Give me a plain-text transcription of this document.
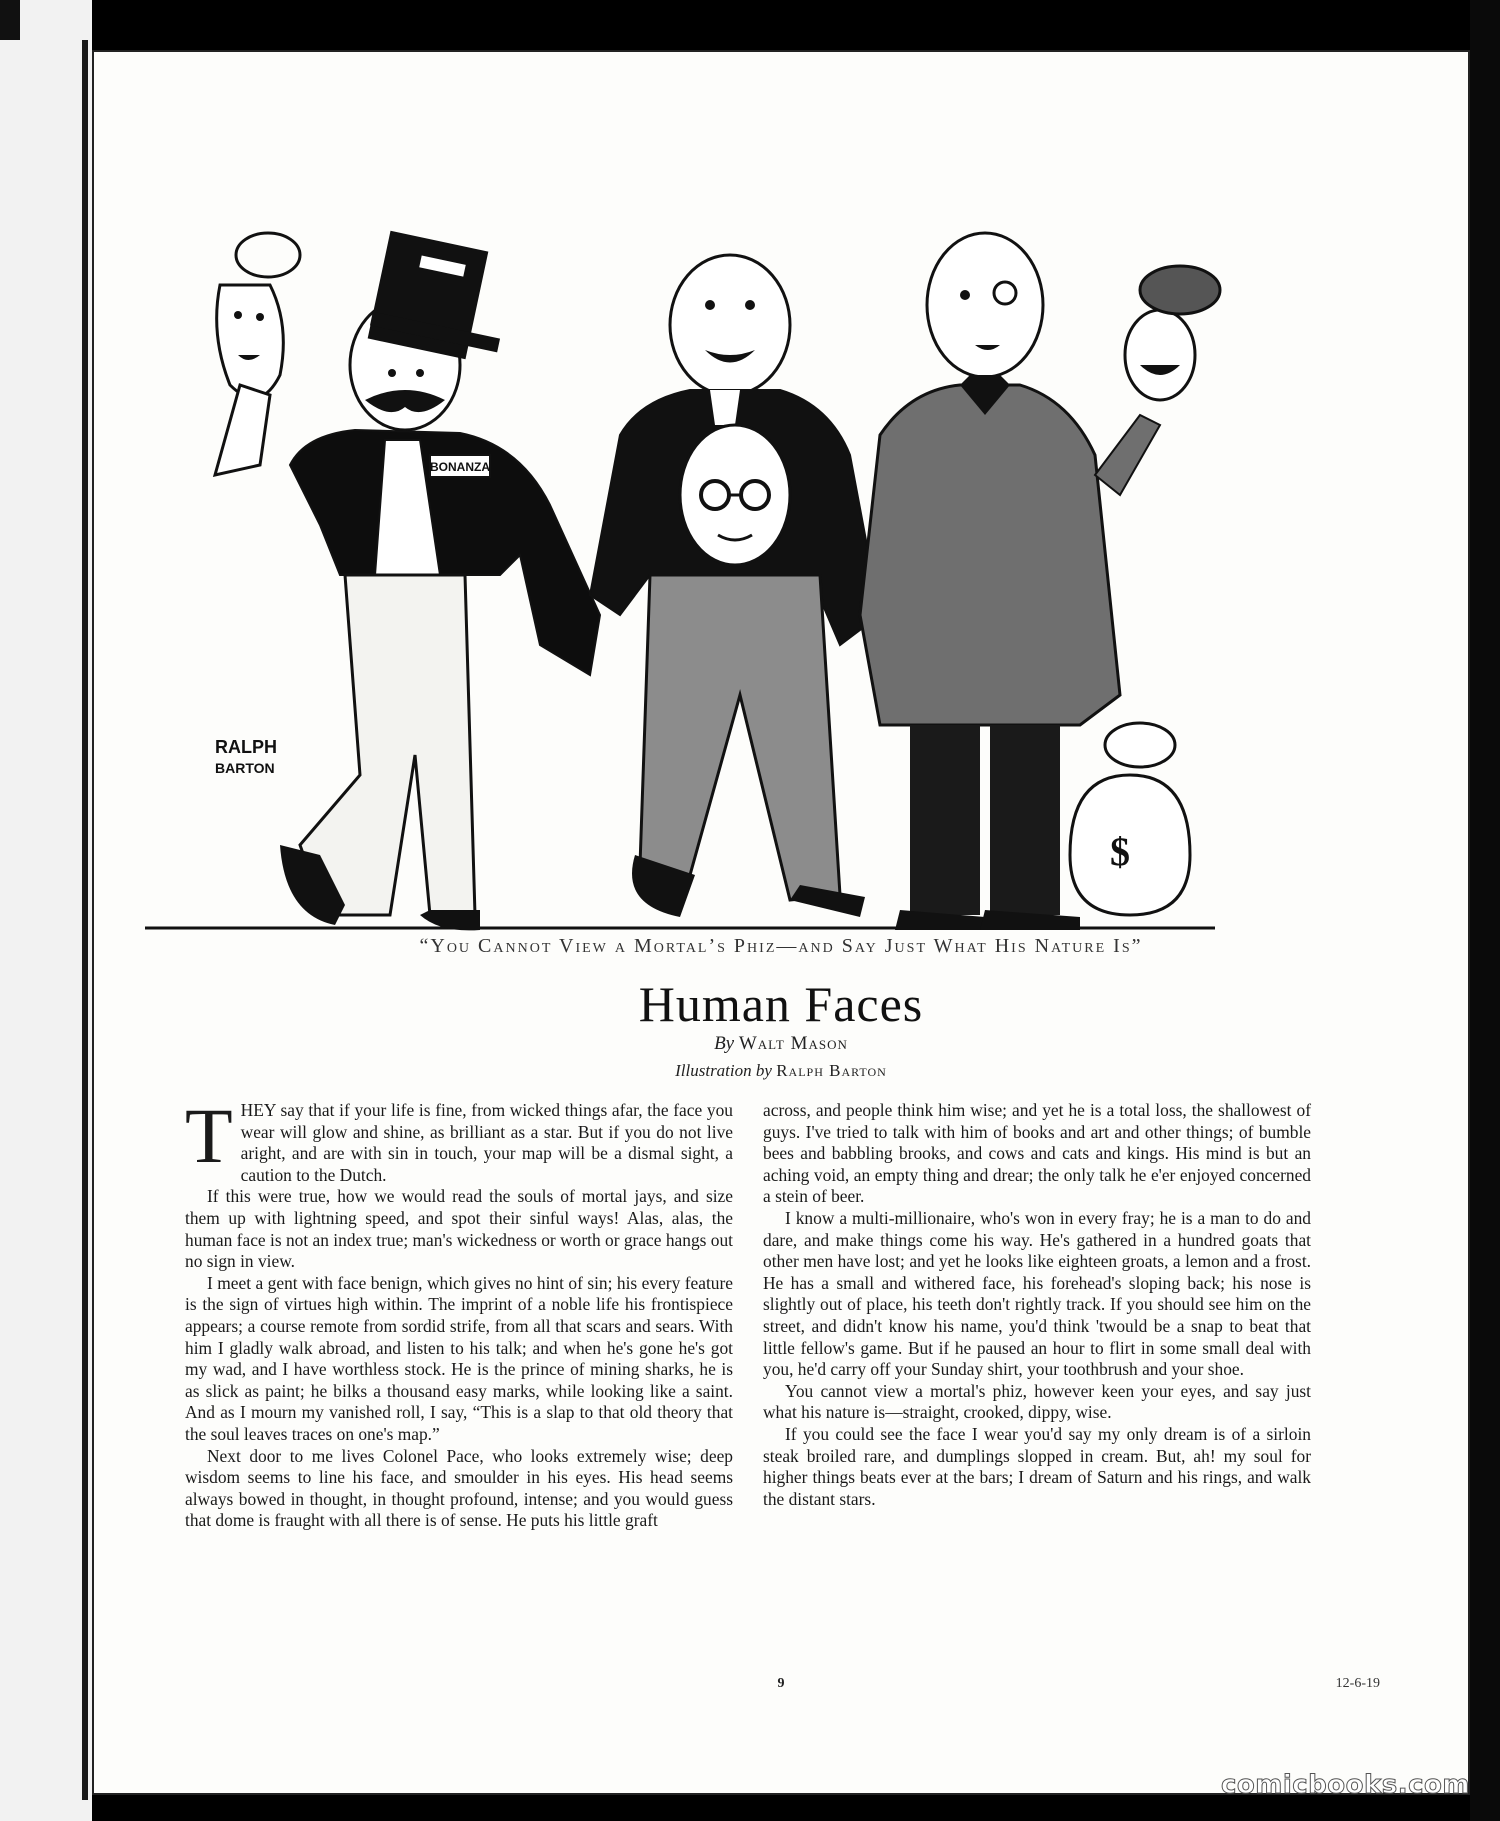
BONANZA
RALPH
BARTON
$
“You Cannot View a Mortal’s Phiz—and Say Just What His Nature Is”
Human Faces
By Walt Mason
Illustration by Ralph Barton

THEY say that if your life is fine, from wicked things afar, the face you wear will glow and shine, as brilliant as a star. But if you do not live aright, and are with sin in touch, your map will be a dismal sight, a caution to the Dutch.

If this were true, how we would read the souls of mortal jays, and size them up with lightning speed, and spot their sinful ways! Alas, alas, the human face is not an index true; man's wickedness or worth or grace hangs out no sign in view.

I meet a gent with face benign, which gives no hint of sin; his every feature is the sign of virtues high within. The imprint of a noble life his frontispiece appears; a course remote from sordid strife, from all that scars and sears. With him I gladly walk abroad, and listen to his talk; and when he's gone he's got my wad, and I have worthless stock. He is the prince of mining sharks, he is as slick as paint; he bilks a thousand easy marks, while looking like a saint. And as I mourn my vanished roll, I say, “This is a slap to that old theory that the soul leaves traces on one's map.”

Next door to me lives Colonel Pace, who looks extremely wise; deep wisdom seems to line his face, and smoulder in his eyes. His head seems always bowed in thought, in thought profound, intense; and you would guess that dome is fraught with all there is of sense. He puts his little graft

across, and people think him wise; and yet he is a total loss, the shallowest of guys. I've tried to talk with him of books and art and other things; of bumble bees and babbling brooks, and cows and cats and kings. His mind is but an aching void, an empty thing and drear; the only talk he e'er enjoyed concerned a stein of beer.

I know a multi-millionaire, who's won in every fray; he is a man to do and dare, and make things come his way. He's gathered in a hundred goats that other men have lost; and yet he looks like eighteen groats, a lemon and a frost. He has a small and withered face, his forehead's sloping back; his nose is slightly out of place, his teeth don't rightly track. If you should see him on the street, and didn't know his name, you'd think 'twould be a snap to beat that little fellow's game. But if he paused an hour to flirt in some small deal with you, he'd carry off your Sunday shirt, your toothbrush and your shoe.

You cannot view a mortal's phiz, however keen your eyes, and say just what his nature is—straight, crooked, dippy, wise.

If you could see the face I wear you'd say my only dream is of a sirloin steak broiled rare, and dumplings slopped in cream. But, ah! my soul for higher things beats ever at the bars; I dream of Saturn and his rings, and walk the distant stars.

9	12-6-19
comicbooks.com
